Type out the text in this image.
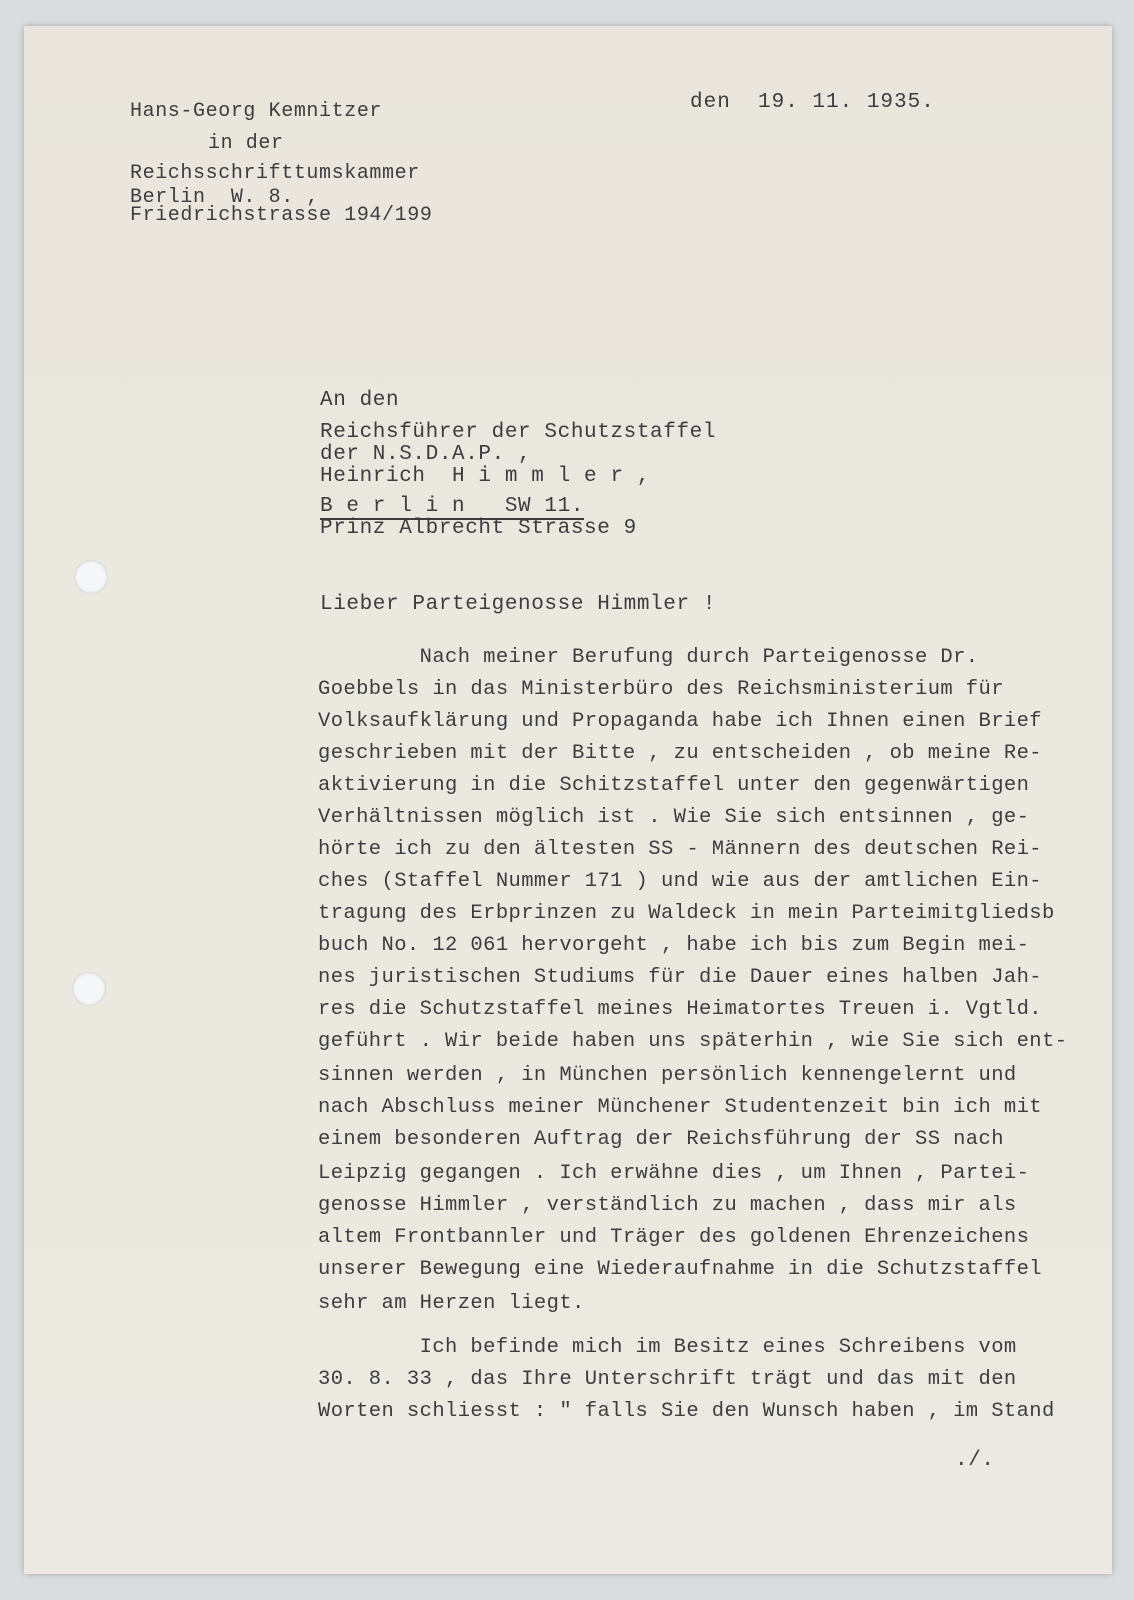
den  19. 11. 1935.
Hans-Georg Kemnitzer
in der
Reichsschrifttumskammer
Berlin  W. 8. ,
Friedrichstrasse 194/199
An den
Reichsführer der Schutzstaffel
der N.S.D.A.P. ,
Heinrich  H i m m l e r ,
B e r l i n   SW 11.
Prinz Albrecht Strasse 9
Lieber Parteigenosse Himmler !
Nach meiner Berufung durch Parteigenosse Dr.
Goebbels in das Ministerbüro des Reichsministerium für
Volksaufklärung und Propaganda habe ich Ihnen einen Brief
geschrieben mit der Bitte , zu entscheiden , ob meine Re-
aktivierung in die Schitzstaffel unter den gegenwärtigen
Verhältnissen möglich ist . Wie Sie sich entsinnen , ge-
hörte ich zu den ältesten SS - Männern des deutschen Rei-
ches (Staffel Nummer 171 ) und wie aus der amtlichen Ein-
tragung des Erbprinzen zu Waldeck in mein Parteimitgliedsb
buch No. 12 061 hervorgeht , habe ich bis zum Begin mei-
nes juristischen Studiums für die Dauer eines halben Jah-
res die Schutzstaffel meines Heimatortes Treuen i. Vgtld.
geführt . Wir beide haben uns späterhin , wie Sie sich ent-
sinnen werden , in München persönlich kennengelernt und
nach Abschluss meiner Münchener Studentenzeit bin ich mit
einem besonderen Auftrag der Reichsführung der SS nach
Leipzig gegangen . Ich erwähne dies , um Ihnen , Partei-
genosse Himmler , verständlich zu machen , dass mir als
altem Frontbannler und Träger des goldenen Ehrenzeichens
unserer Bewegung eine Wiederaufnahme in die Schutzstaffel
sehr am Herzen liegt.
Ich befinde mich im Besitz eines Schreibens vom
30. 8. 33 , das Ihre Unterschrift trägt und das mit den
Worten schliesst : " falls Sie den Wunsch haben , im Stand
./.
